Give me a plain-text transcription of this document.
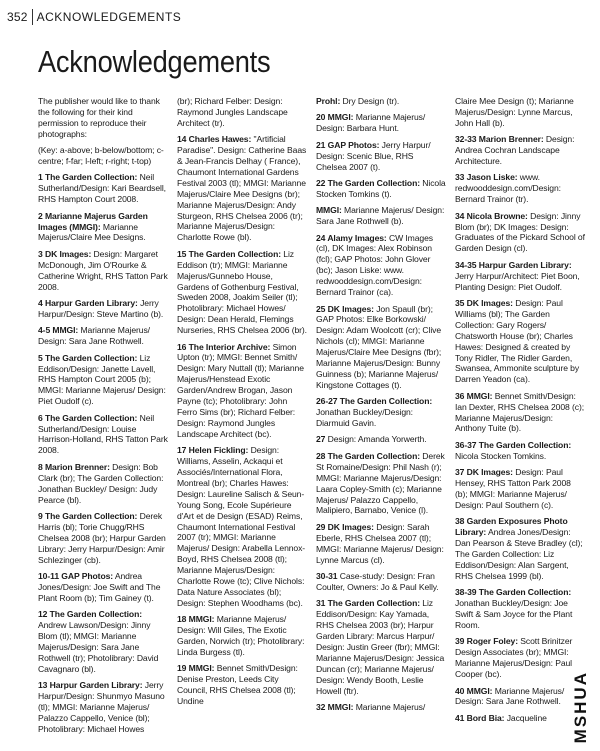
352 ACKNOWLEDGEMENTS
Acknowledgements

The publisher would like to thank the following for their kind permission to reproduce their photographs:

(Key: a-above; b-below/bottom; c-centre; f-far; l-left; r-right; t-top)

1 The Garden Collection: Neil Sutherland/Design: Kari Beardsell, RHS Hampton Court 2008.

2 Marianne Majerus Garden Images (MMGI): Marianne Majerus/Claire Mee Designs.

3 DK Images: Design: Margaret McDonough, Jim O'Rourke & Catherine Wright, RHS Tatton Park 2008.

4 Harpur Garden Library: Jerry Harpur/Design: Steve Martino (b).

4-5 MMGI: Marianne Majerus/ Design: Sara Jane Rothwell.

5 The Garden Collection: Liz Eddison/Design: Janette Lavell, RHS Hampton Court 2005 (b); MMGI: Marianne Majerus/ Design: Piet Oudolf (c).

6 The Garden Collection: Neil Sutherland/Design: Louise Harrison-Holland, RHS Tatton Park 2008.

8 Marion Brenner: Design: Bob Clark (br); The Garden Collection: Jonathan Buckley/ Design: Judy Pearce (bl).

9 The Garden Collection: Derek Harris (bl); Torie Chugg/RHS Chelsea 2008 (br); Harpur Garden Library: Jerry Harpur/Design: Amir Schlezinger (cb).

10-11 GAP Photos: Andrea Jones/Design: Joe Swift and The Plant Room (b); Tim Gainey (t).

12 The Garden Collection: Andrew Lawson/Design: Jinny Blom (tl); MMGI: Marianne Majerus/Design: Sara Jane Rothwell (tr); Photolibrary: David Cavagnaro (bl).

13 Harpur Garden Library: Jerry Harpur/Design: Shunmyo Masuno (tl); MMGI: Marianne Majerus/ Palazzo Cappello, Venice (bl); Photolibrary: Michael Howes

(br); Richard Felber: Design: Raymond Jungles Landscape Architect (tr).

14 Charles Hawes: "Artificial Paradise". Design: Catherine Baas & Jean-Francis Delhay ( France), Chaumont International Gardens Festival 2003 (tl); MMGI: Marianne Majerus/Claire Mee Designs (br); Marianne Majerus/Design: Andy Sturgeon, RHS Chelsea 2006 (tr); Marianne Majerus/Design: Charlotte Rowe (bl).

15 The Garden Collection: Liz Eddison (tr); MMGI: Marianne Majerus/Gunnebo House, Gardens of Gothenburg Festival, Sweden 2008, Joakim Seiler (tl); Photolibrary: Michael Howes/ Design: Dean Herald, Flemings Nurseries, RHS Chelsea 2006 (br).

16 The Interior Archive: Simon Upton (tr); MMGI: Bennet Smith/ Design: Mary Nuttall (tl); Marianne Majerus/Henstead Exotic Garden/Andrew Brogan, Jason Payne (tc); Photolibrary: John Ferro Sims (br); Richard Felber: Design: Raymond Jungles Landscape Architect (bc).

17 Helen Fickling: Design: Williams, Asselin, Ackaqui et Associés/International Flora, Montreal (br); Charles Hawes: Design: Laureline Salisch & Seun-Young Song, Ecole Supérieure d'Art et de Design (ESAD) Reims, Chaumont International Festival 2007 (tr); MMGI: Marianne Majerus/ Design: Arabella Lennox-Boyd, RHS Chelsea 2008 (tl); Marianne Majerus/Design: Charlotte Rowe (tc); Clive Nichols: Data Nature Associates (bl); Design: Stephen Woodhams (bc).

18 MMGI: Marianne Majerus/ Design: Will Giles, The Exotic Garden, Norwich (tr); Photolibrary: Linda Burgess (tl).

19 MMGI: Bennet Smith/Design: Denise Preston, Leeds City Council, RHS Chelsea 2008 (tl); Undine

Prohl: Dry Design (tr).

20 MMGI: Marianne Majerus/ Design: Barbara Hunt.

21 GAP Photos: Jerry Harpur/ Design: Scenic Blue, RHS Chelsea 2007 (t).

22 The Garden Collection: Nicola Stocken Tomkins (t).

MMGI: Marianne Majerus/ Design: Sara Jane Rothwell (b).

24 Alamy Images: CW Images (cl), DK Images: Alex Robinson (fcl); GAP Photos: John Glover (bc); Jason Liske: www. redwooddesign.com/Design: Bernard Trainor (ca).

25 DK Images: Jon Spaull (br); GAP Photos: Elke Borkowski/ Design: Adam Woolcott (cr); Clive Nichols (cl); MMGI: Marianne Majerus/Claire Mee Designs (fbr); Marianne Majerus/Design: Bunny Guinness (b); Marianne Majerus/ Kingstone Cottages (t).

26-27 The Garden Collection: Jonathan Buckley/Design: Diarmuid Gavin.

27 Design: Amanda Yorwerth.

28 The Garden Collection: Derek St Romaine/Design: Phil Nash (r); MMGI: Marianne Majerus/Design: Laara Copley-Smith (c); Marianne Majerus/ Palazzo Cappello, Malipiero, Barnabo, Venice (l).

29 DK Images: Design: Sarah Eberle, RHS Chelsea 2007 (tl); MMGI: Marianne Majerus/ Design: Lynne Marcus (cl).

30-31 Case-study: Design: Fran Coulter, Owners: Jo & Paul Kelly.

31 The Garden Collection: Liz Eddison/Design: Kay Yamada, RHS Chelsea 2003 (br); Harpur Garden Library: Marcus Harpur/ Design: Justin Greer (fbr); MMGI: Marianne Majerus/Design: Jessica Duncan (cr); Marianne Majerus/ Design: Wendy Booth, Leslie Howell (ftr).

32 MMGI: Marianne Majerus/

Claire Mee Design (t); Marianne Majerus/Design: Lynne Marcus, John Hall (b).

32-33 Marion Brenner: Design: Andrea Cochran Landscape Architecture.

33 Jason Liske: www. redwooddesign.com/Design: Bernard Trainor (tr).

34 Nicola Browne: Design: Jinny Blom (br); DK Images: Design: Graduates of the Pickard School of Garden Design (cl).

34-35 Harpur Garden Library: Jerry Harpur/Architect: Piet Boon, Planting Design: Piet Oudolf.

35 DK Images: Design: Paul Williams (bl); The Garden Collection: Gary Rogers/ Chatsworth House (br); Charles Hawes: Designed & created by Tony Ridler, The Ridler Garden, Swansea, Ammonite sculpture by Darren Yeadon (ca).

36 MMGI: Bennet Smith/Design: Ian Dexter, RHS Chelsea 2008 (c); Marianne Majerus/Design: Anthony Tuite (b).

36-37 The Garden Collection: Nicola Stocken Tomkins.

37 DK Images: Design: Paul Hensey, RHS Tatton Park 2008 (b); MMGI: Marianne Majerus/ Design: Paul Southern (c).

38 Garden Exposures Photo Library: Andrea Jones/Design: Dan Pearson & Steve Bradley (cl); The Garden Collection: Liz Eddison/Design: Alan Sargent, RHS Chelsea 1999 (bl).

38-39 The Garden Collection: Jonathan Buckley/Design: Joe Swift & Sam Joyce for the Plant Room.

39 Roger Foley: Scott Brinitzer Design Associates (br); MMGI: Marianne Majerus/Design: Paul Cooper (bc).

40 MMGI: Marianne Majerus/ Design: Sara Jane Rothwell.

41 Bord Bia: Jacqueline	MSHUA
